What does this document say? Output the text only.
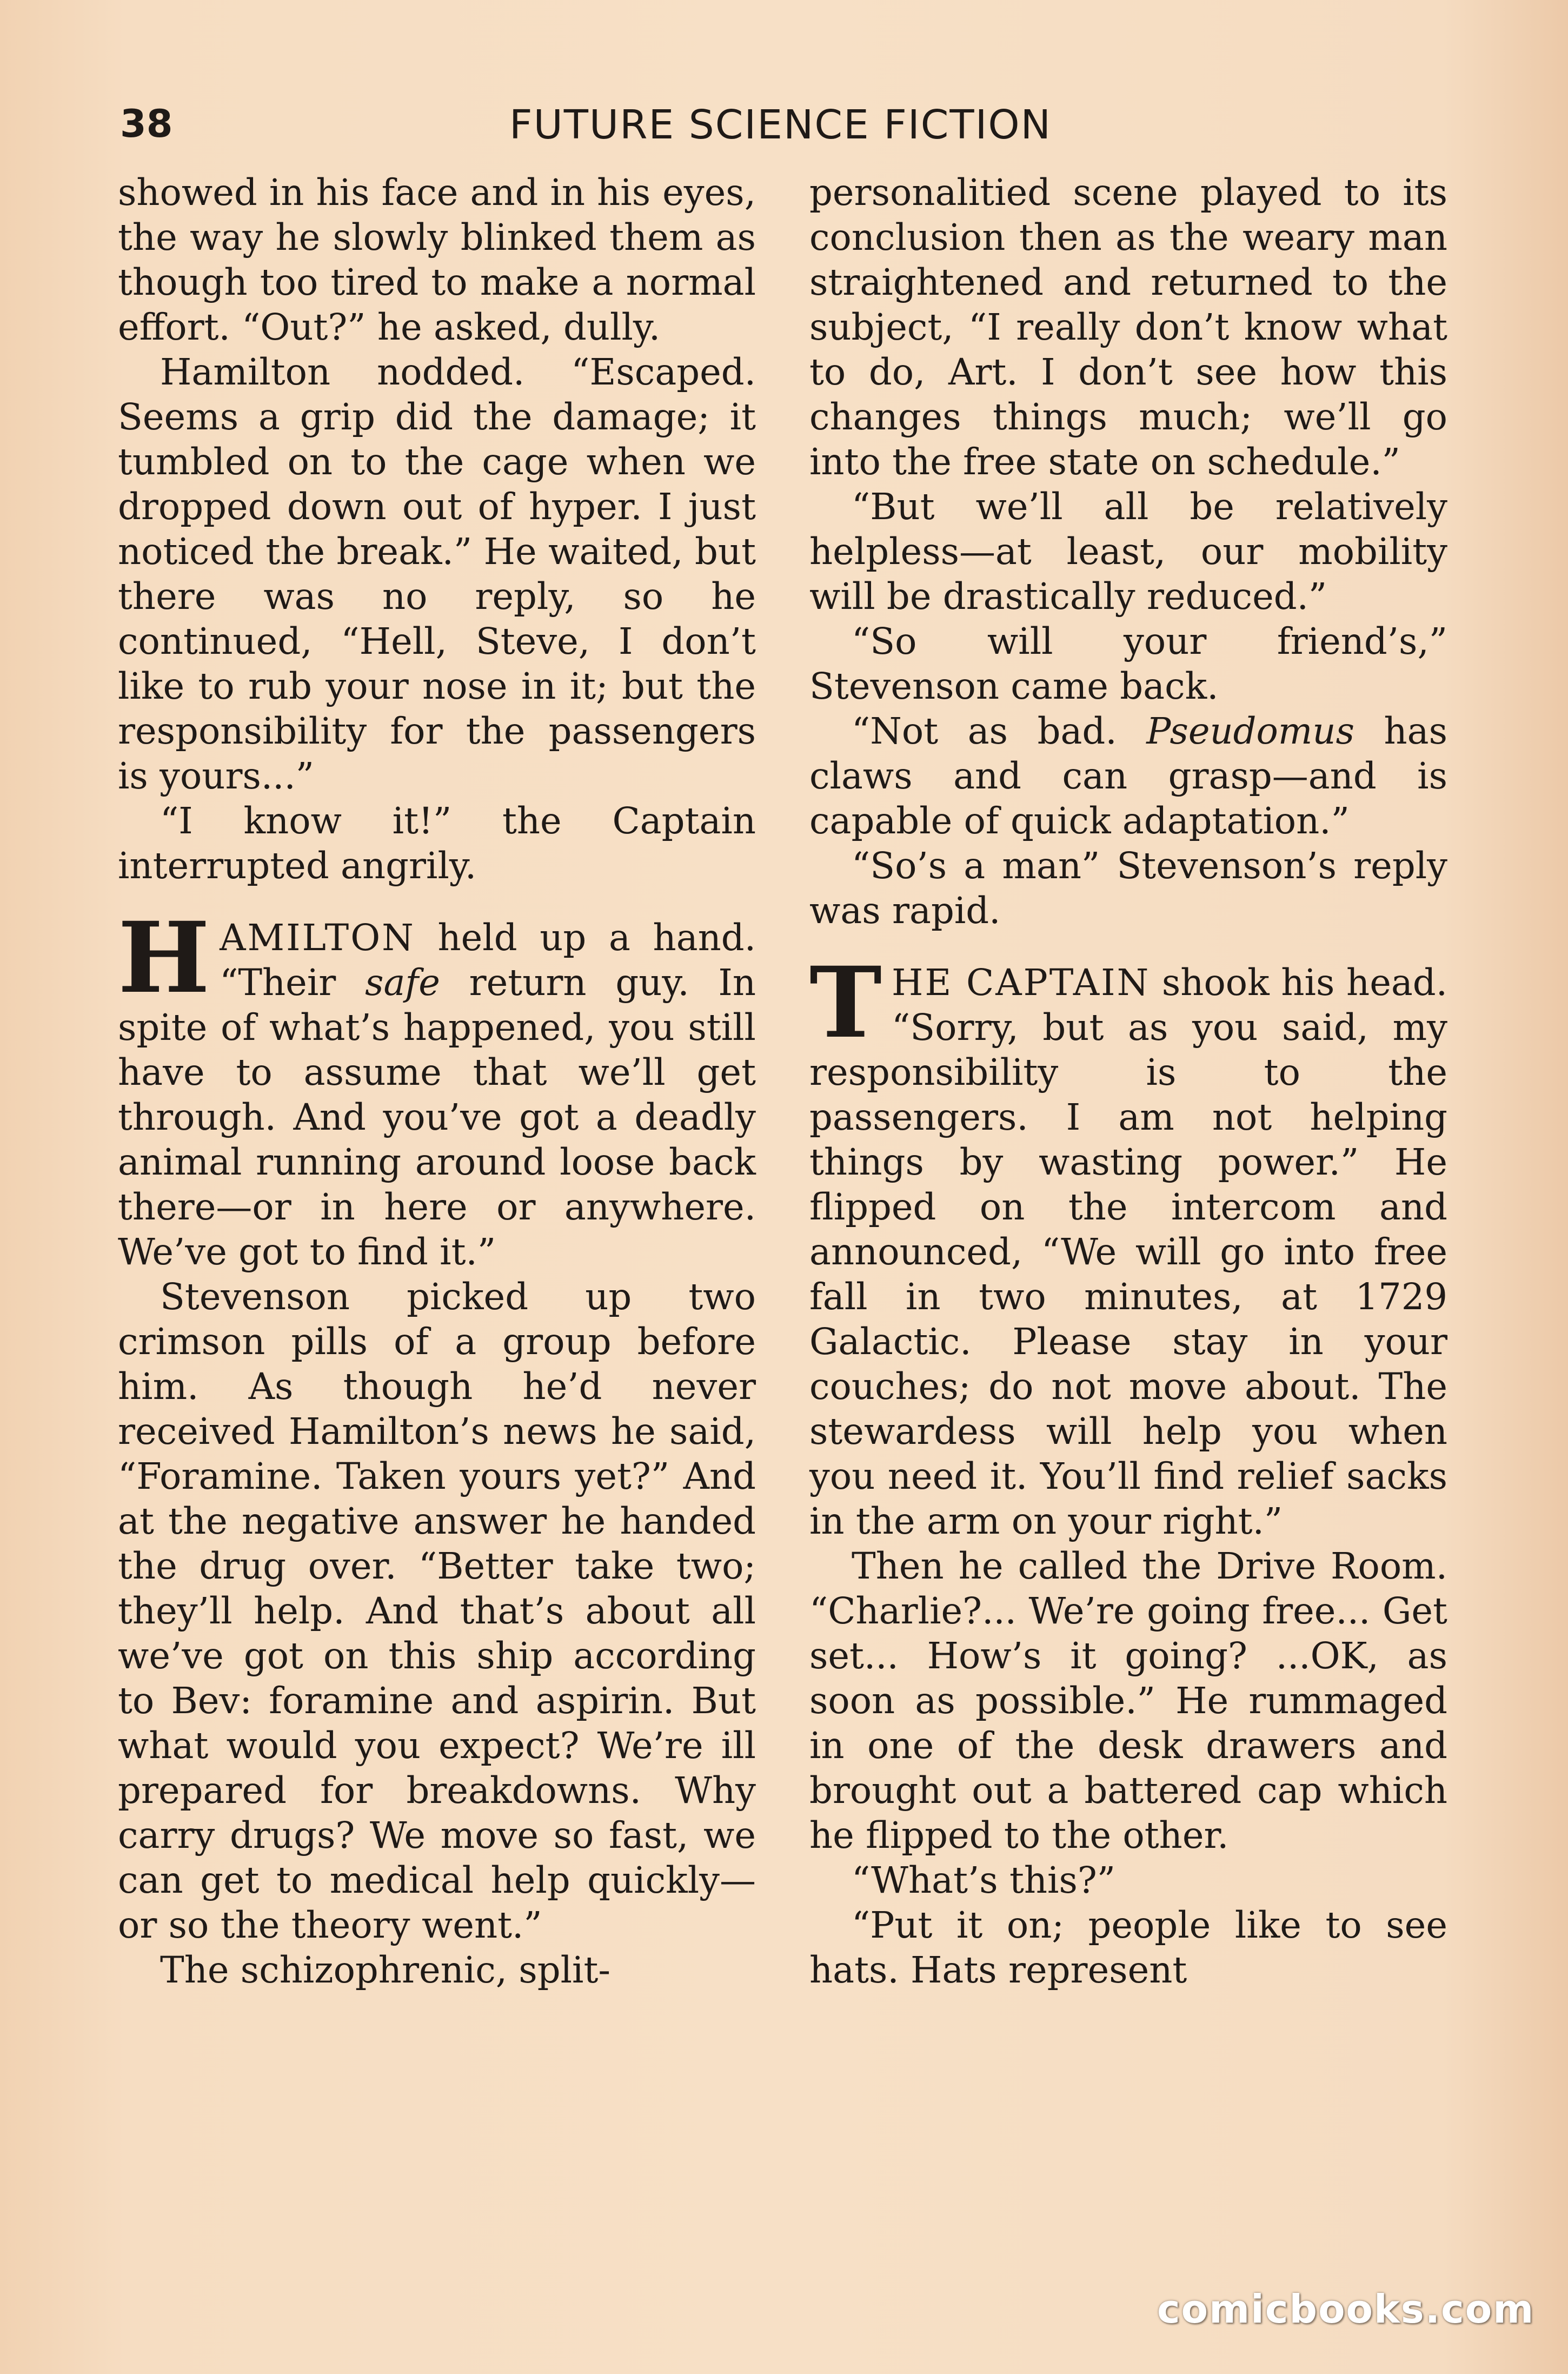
38	FUTURE SCIENCE FICTION

showed in his face and in his eyes, the way he slowly blinked them as though too tired to make a normal effort. “Out?” he asked, dully.

Hamilton nodded. “Escaped. Seems a grip did the damage; it tumbled on to the cage when we dropped down out of hyper. I just noticed the break.” He waited, but there was no reply, so he continued, “Hell, Steve, I don’t like to rub your nose in it; but the responsibility for the passengers is yours...”

“I know it!” the Captain interrupted angrily.

HAMILTON held up a hand. “Their safe return guy. In spite of what’s happened, you still have to assume that we’ll get through. And you’ve got a deadly animal running around loose back there—or in here or anywhere. We’ve got to find it.”

Stevenson picked up two crimson pills of a group before him. As though he’d never received Hamilton’s news he said, “Foramine. Taken yours yet?” And at the negative answer he handed the drug over. “Better take two; they’ll help. And that’s about all we’ve got on this ship according to Bev: foramine and aspirin. But what would you expect? We’re ill prepared for breakdowns. Why carry drugs? We move so fast, we can get to medical help quickly—or so the theory went.”

The schizophrenic, split-

personalitied scene played to its conclusion then as the weary man straightened and returned to the subject, “I really don’t know what to do, Art. I don’t see how this changes things much; we’ll go into the free state on schedule.”

“But we’ll all be relatively helpless—at least, our mobility will be drastically reduced.”

“So will your friend’s,” Stevenson came back.

“Not as bad. Pseudomus has claws and can grasp—and is capable of quick adaptation.”

“So’s a man” Stevenson’s reply was rapid.

THE CAPTAIN shook his head. “Sorry, but as you said, my responsibility is to the passengers. I am not helping things by wasting power.” He flipped on the intercom and announced, “We will go into free fall in two minutes, at 1729 Galactic. Please stay in your couches; do not move about. The stewardess will help you when you need it. You’ll find relief sacks in the arm on your right.”

Then he called the Drive Room. “Charlie?... We’re going free... Get set... How’s it going? ...OK, as soon as possible.” He rummaged in one of the desk drawers and brought out a battered cap which he flipped to the other.

“What’s this?”

“Put it on; people like to see hats. Hats represent

comicbooks.com
